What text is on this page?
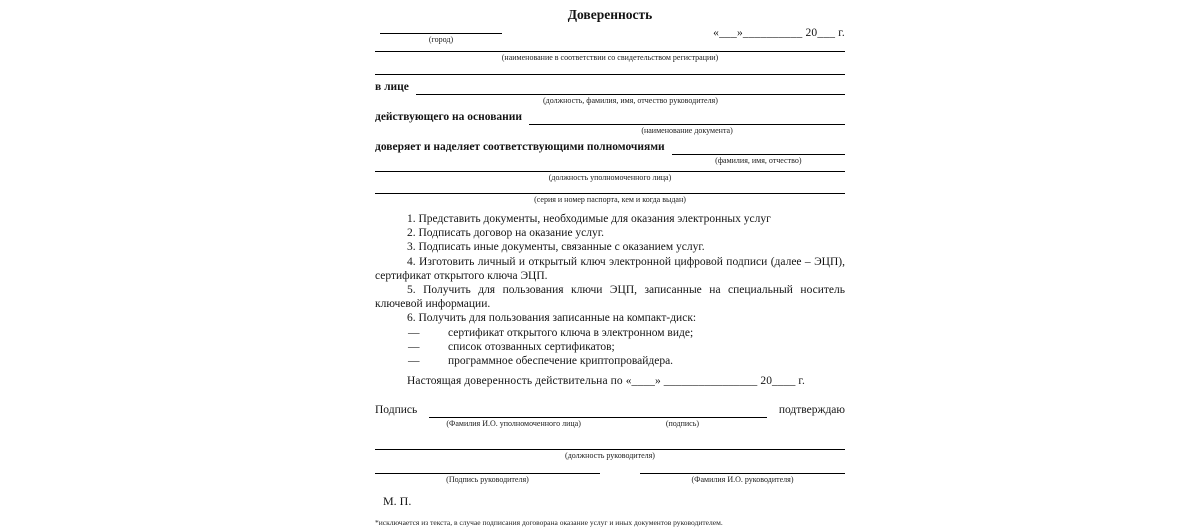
Доверенность
(город)
«___»__________ 20___ г.
(наименование в соответствии со свидетельством регистрации)
в лице
(должность, фамилия, имя, отчество руководителя)
действующего на основании
(наименование документа)
доверяет и наделяет соответствующими полномочиями
(фамилия, имя, отчество)
(должность уполномоченного лица)
(серия и номер паспорта, кем и когда выдан)

1. Представить документы, необходимые для оказания электронных услуг

2. Подписать договор на оказание услуг.

3. Подписать иные документы, связанные с оказанием услуг.

4. Изготовить личный и открытый ключ электронной цифровой подписи (далее – ЭЦП), сертификат открытого ключа ЭЦП.

5. Получить для пользования ключи ЭЦП, записанные на специальный носитель ключевой информации.

6. Получить для пользования записанные на компакт-диск:

—	сертификат открытого ключа в электронном виде;
—	список отозванных сертификатов;
—	программное обеспечение криптопровайдера.

Настоящая доверенность действительна по «____» ________________ 20____ г.

Подпись	подтверждаю
(Фамилия И.О. уполномоченного лица)	(подпись)
(должность руководителя)
(Подпись руководителя)	(Фамилия И.О. руководителя)
М. П.
*исключается из текста, в случае подписания договорана оказание услуг и иных документов руководителем.
